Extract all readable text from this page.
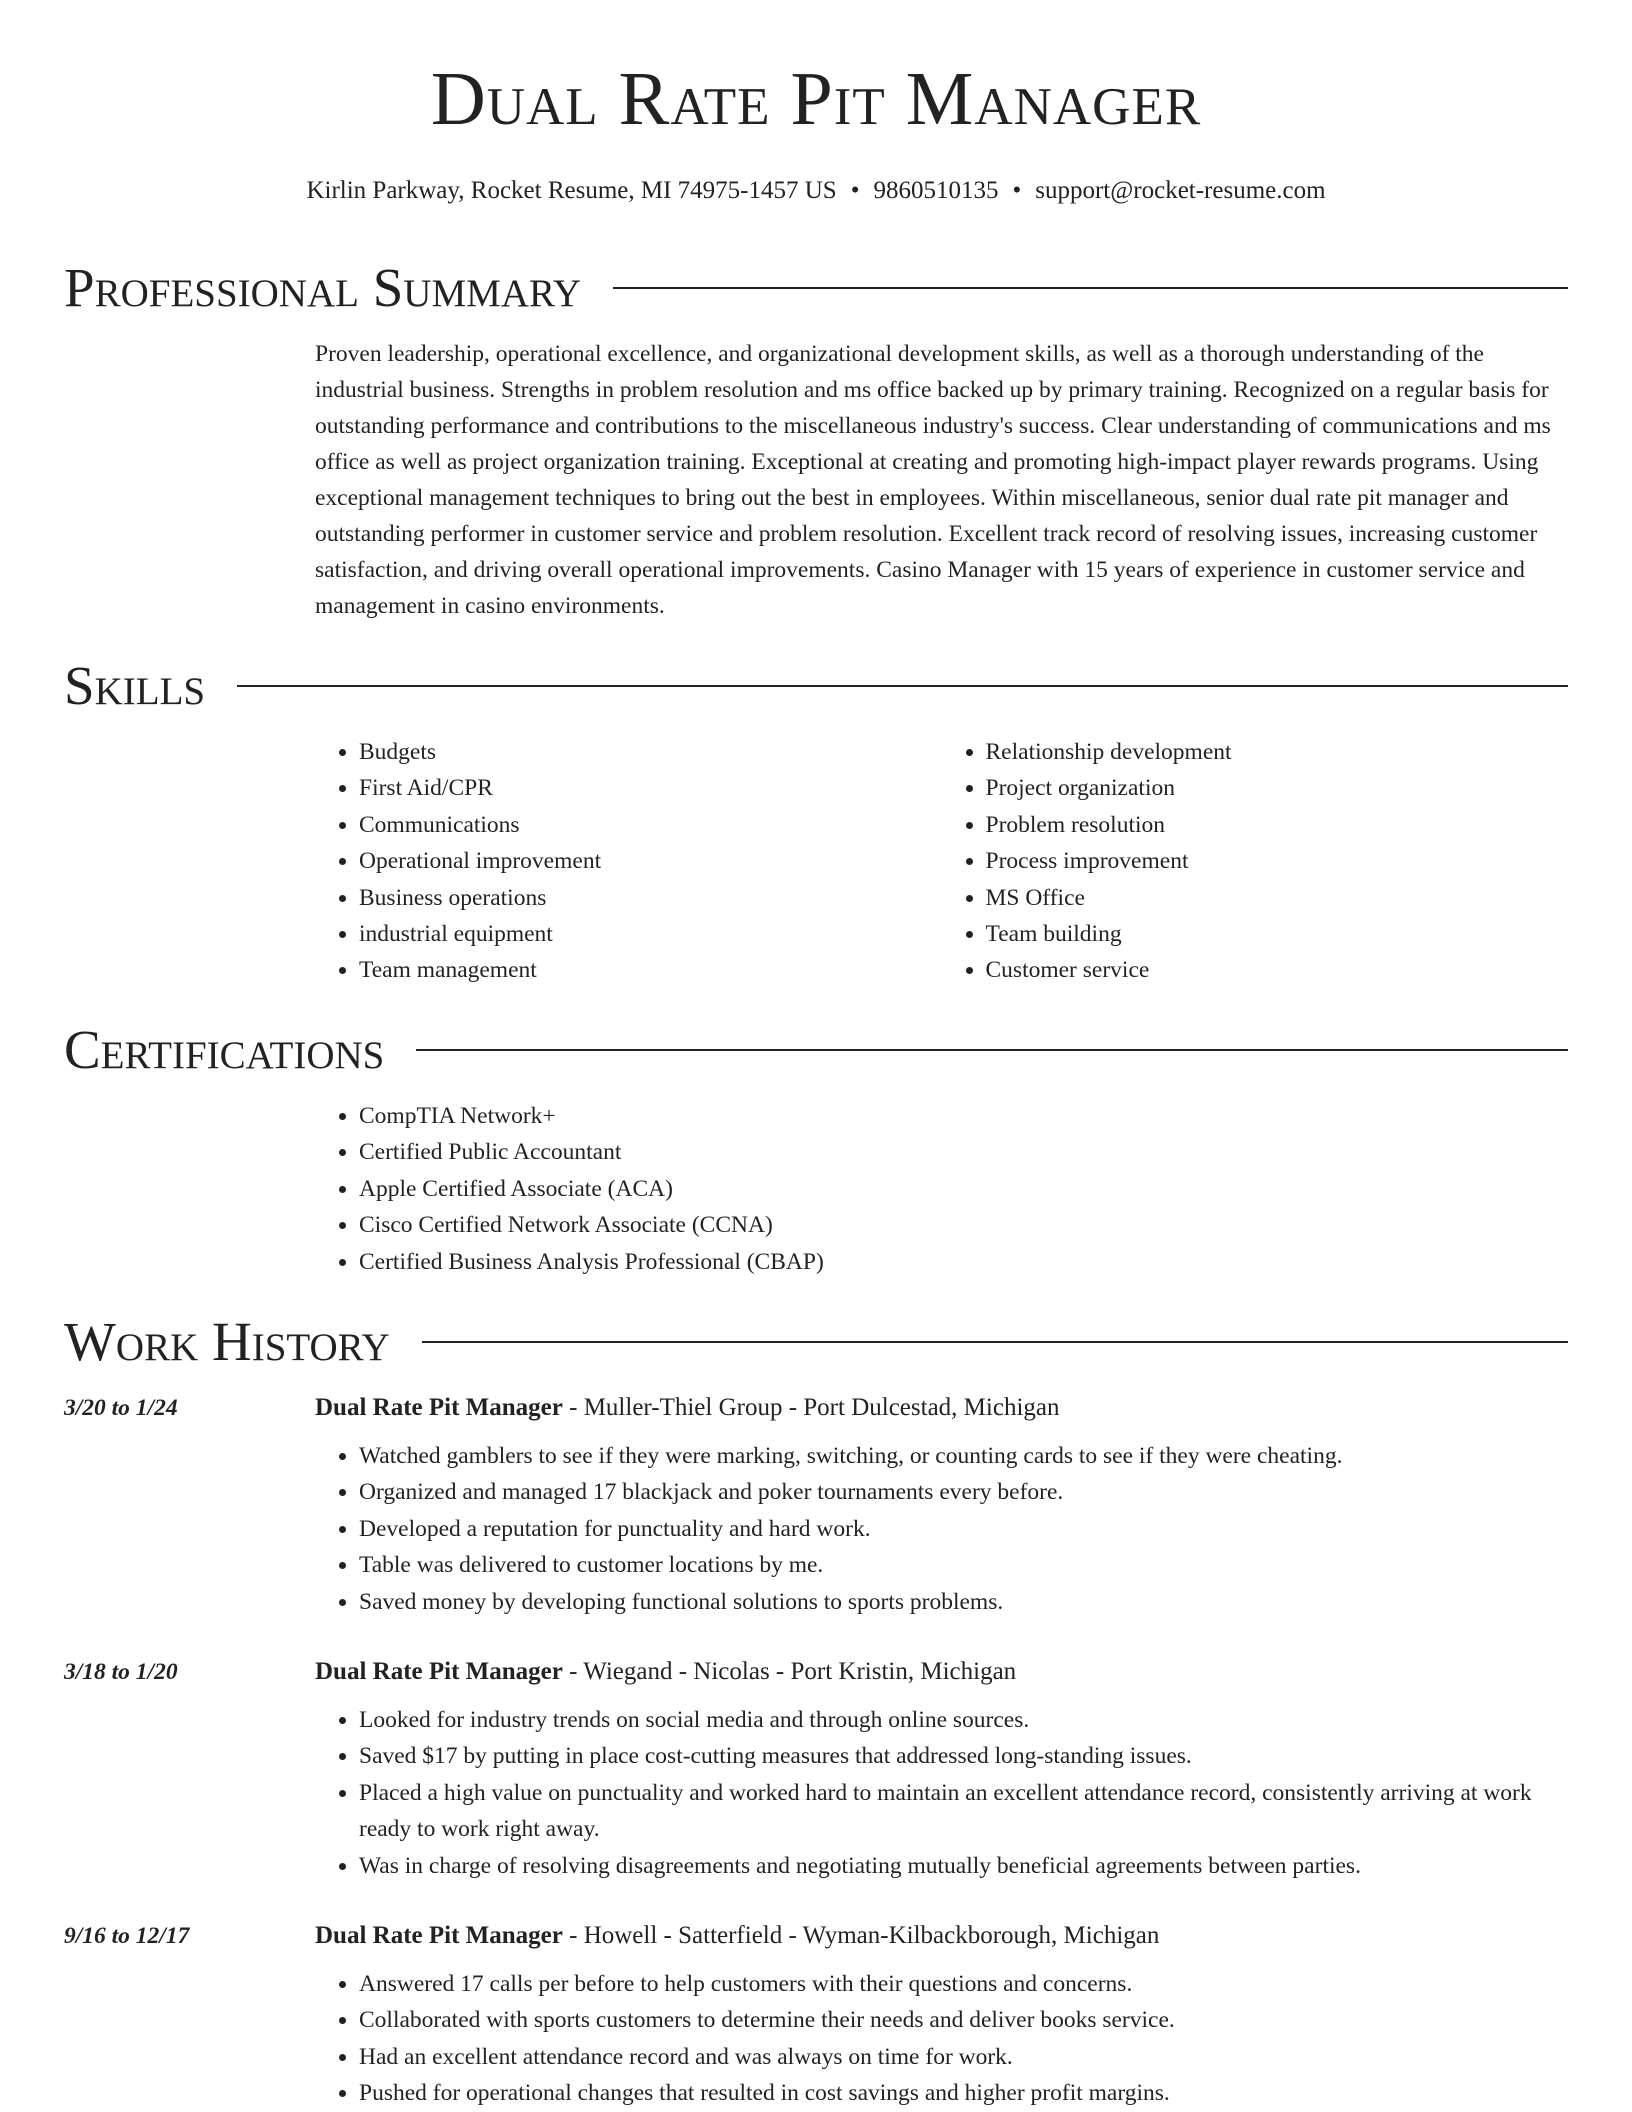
Dual Rate Pit Manager
Kirlin Parkway, Rocket Resume, MI 74975-1457 US • 9860510135 • support@rocket-resume.com
Professional Summary

Proven leadership, operational excellence, and organizational development skills, as well as a thorough understanding of the industrial business. Strengths in problem resolution and ms office backed up by primary training. Recognized on a regular basis for outstanding performance and contributions to the miscellaneous industry's success. Clear understanding of communications and ms office as well as project organization training. Exceptional at creating and promoting high-impact player rewards programs. Using exceptional management techniques to bring out the best in employees. Within miscellaneous, senior dual rate pit manager and outstanding performer in customer service and problem resolution. Excellent track record of resolving issues, increasing customer satisfaction, and driving overall operational improvements. Casino Manager with 15 years of experience in customer service and management in casino environments.

Skills
• Budgets
• First Aid/CPR
• Communications
• Operational improvement
• Business operations
• industrial equipment
• Team management
• Relationship development
• Project organization
• Problem resolution
• Process improvement
• MS Office
• Team building
• Customer service
Certifications
• CompTIA Network+
• Certified Public Accountant
• Apple Certified Associate (ACA)
• Cisco Certified Network Associate (CCNA)
• Certified Business Analysis Professional (CBAP)
Work History
3/20 to 1/24	Dual Rate Pit Manager - Muller-Thiel Group - Port Dulcestad, Michigan

• Watched gamblers to see if they were marking, switching, or counting cards to see if they were cheating.
• Organized and managed 17 blackjack and poker tournaments every before.
• Developed a reputation for punctuality and hard work.
• Table was delivered to customer locations by me.
• Saved money by developing functional solutions to sports problems.
3/18 to 1/20	Dual Rate Pit Manager - Wiegand - Nicolas - Port Kristin, Michigan

• Looked for industry trends on social media and through online sources.
• Saved $17 by putting in place cost-cutting measures that addressed long-standing issues.
• Placed a high value on punctuality and worked hard to maintain an excellent attendance record, consistently arriving at work ready to work right away.
• Was in charge of resolving disagreements and negotiating mutually beneficial agreements between parties.
9/16 to 12/17	Dual Rate Pit Manager - Howell - Satterfield - Wyman-Kilbackborough, Michigan

• Answered 17 calls per before to help customers with their questions and concerns.
• Collaborated with sports customers to determine their needs and deliver books service.
• Had an excellent attendance record and was always on time for work.
• Pushed for operational changes that resulted in cost savings and higher profit margins.
